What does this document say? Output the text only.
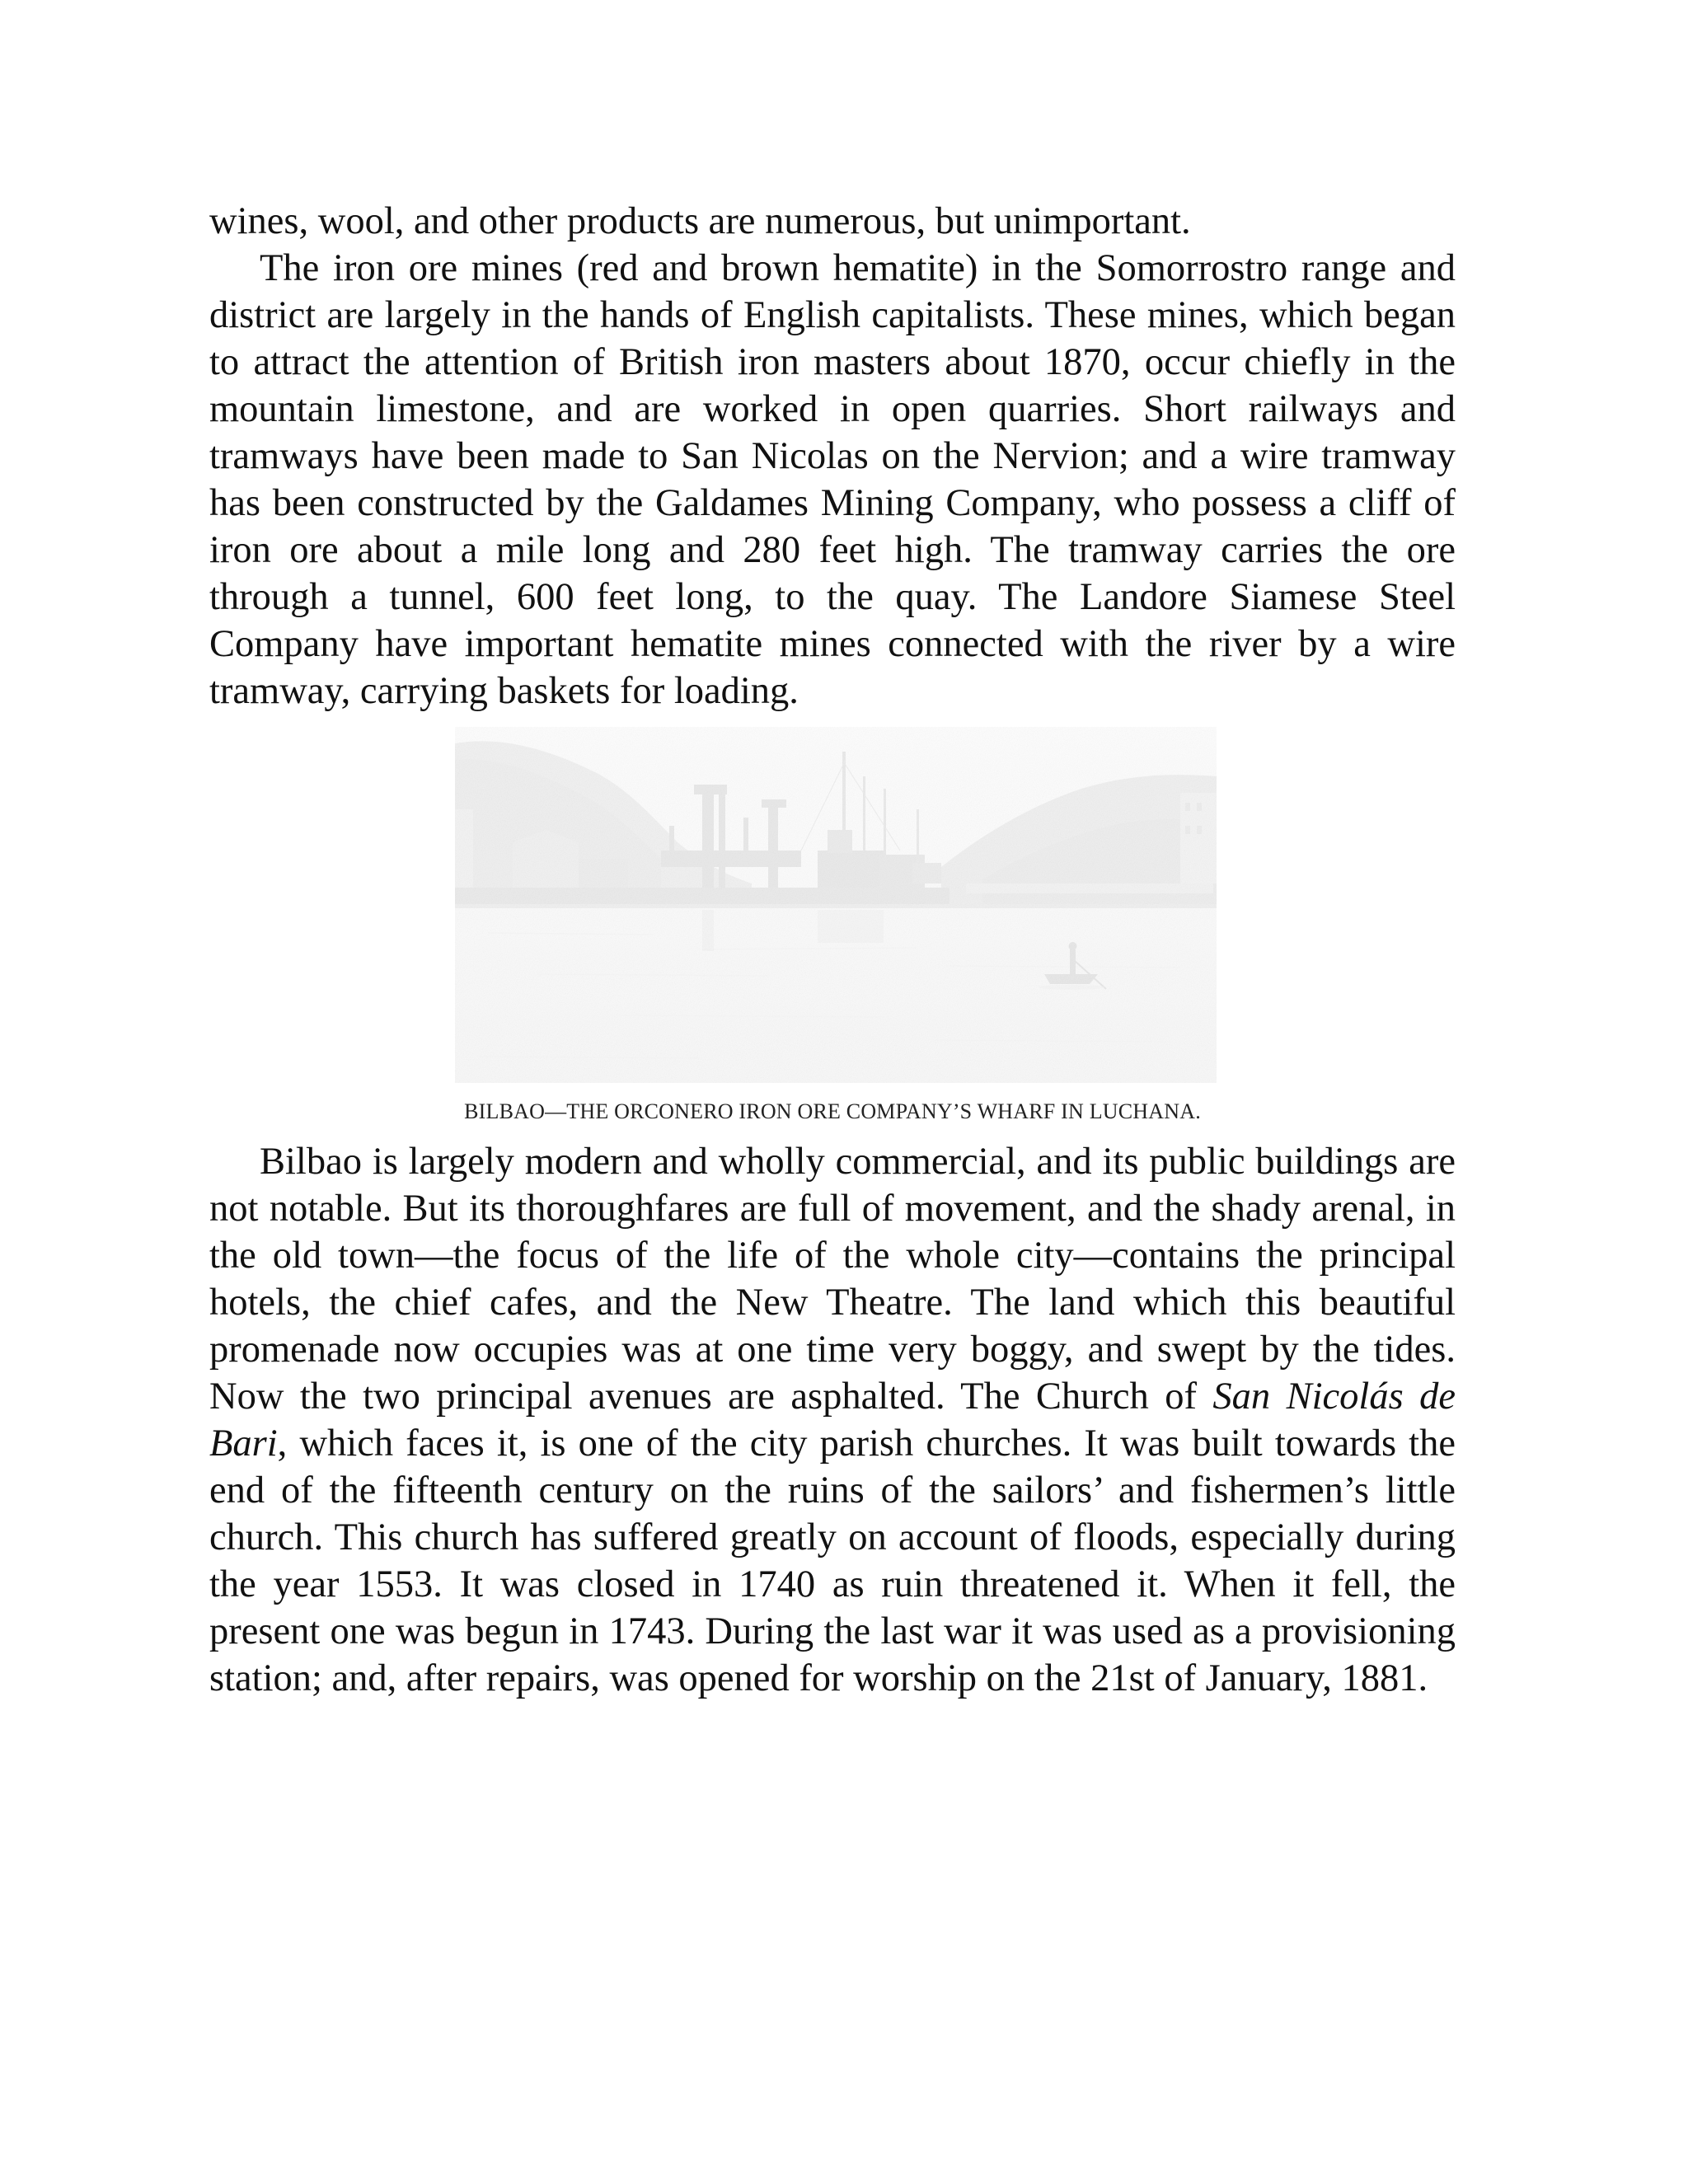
wines, wool, and other products are numerous, but unimportant.

The iron ore mines (red and brown hematite) in the Somorrostro range and district are largely in the hands of English capitalists. These mines, which began to attract the attention of British iron masters about 1870, occur chiefly in the mountain limestone, and are worked in open quarries. Short railways and tramways have been made to San Nicolas on the Nervion; and a wire tramway has been constructed by the Galdames Mining Company, who possess a cliff of iron ore about a mile long and 280 feet high. The tramway carries the ore through a tunnel, 600 feet long, to the quay. The Landore Siamese Steel Company have important hematite mines connected with the river by a wire tramway, carrying baskets for loading.

BILBAO—THE ORCONERO IRON ORE COMPANY’S WHARF IN LUCHANA.

Bilbao is largely modern and wholly commercial, and its public buildings are not notable. But its thoroughfares are full of movement, and the shady arenal, in the old town—the focus of the life of the whole city—contains the principal hotels, the chief cafes, and the New Theatre. The land which this beautiful promenade now occupies was at one time very boggy, and swept by the tides. Now the two principal avenues are asphalted. The Church of San Nicolás de Bari, which faces it, is one of the city parish churches. It was built towards the end of the fifteenth century on the ruins of the sailors’ and fishermen’s little church. This church has suffered greatly on account of floods, especially during the year 1553. It was closed in 1740 as ruin threatened it. When it fell, the present one was begun in 1743. During the last war it was used as a provisioning station; and, after repairs, was opened for worship on the 21st of January, 1881.
